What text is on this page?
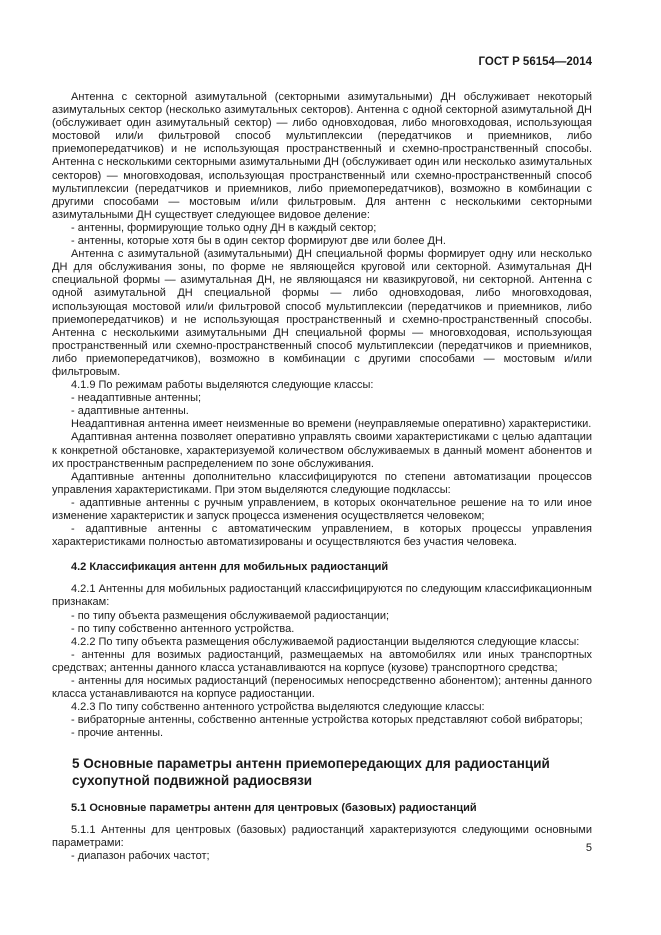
ГОСТ Р 56154—2014

Антенна с секторной азимутальной (секторными азимутальными) ДН обслуживает некоторый азимутальных сектор (несколько азимутальных секторов). Антенна с одной секторной азимутальной ДН (обслуживает один азимутальный сектор) — либо одновходовая, либо многовходовая, использующая мостовой или/и фильтровой способ мультиплексии (передатчиков и приемников, либо приемопередатчиков) и не использующая пространственный и схемно-пространственный способы. Антенна с несколькими секторными азимутальными ДН (обслуживает один или несколько азимутальных секторов) — многовходовая, использующая пространственный или схемно-пространственный способ мультиплексии (передатчиков и приемников, либо приемопередатчиков), возможно в комбинации с другими способами — мостовым и/или фильтровым. Для антенн с несколькими секторными азимутальными ДН существует следующее видовое деление:

- антенны, формирующие только одну ДН в каждый сектор;

- антенны, которые хотя бы в один сектор формируют две или более ДН.

Антенна с азимутальной (азимутальными) ДН специальной формы формирует одну или несколько ДН для обслуживания зоны, по форме не являющейся круговой или секторной. Азимутальная ДН специальной формы — азимутальная ДН, не являющаяся ни квазикруговой, ни секторной. Антенна с одной азимутальной ДН специальной формы — либо одновходовая, либо многовходовая, использующая мостовой или/и фильтровой способ мультиплексии (передатчиков и приемников, либо приемопередатчиков) и не использующая пространственный и схемно-пространственный способы. Антенна с несколькими азимутальными ДН специальной формы — многовходовая, использующая пространственный или схемно-пространственный способ мультиплексии (передатчиков и приемников, либо приемопередатчиков), возможно в комбинации с другими способами — мостовым и/или фильтровым.

4.1.9 По режимам работы выделяются следующие классы:

- неадаптивные антенны;

- адаптивные антенны.

Неадаптивная антенна имеет неизменные во времени (неуправляемые оперативно) характеристики.

Адаптивная антенна позволяет оперативно управлять своими характеристиками с целью адаптации к конкретной обстановке, характеризуемой количеством обслуживаемых в данный момент абонентов и их пространственным распределением по зоне обслуживания.

Адаптивные антенны дополнительно классифицируются по степени автоматизации процессов управления характеристиками. При этом выделяются следующие подклассы:

- адаптивные антенны с ручным управлением, в которых окончательное решение на то или иное изменение характеристик и запуск процесса изменения осуществляется человеком;

- адаптивные антенны с автоматическим управлением, в которых процессы управления характеристиками полностью автоматизированы и осуществляются без участия человека.

4.2 Классификация антенн для мобильных радиостанций

4.2.1 Антенны для мобильных радиостанций классифицируются по следующим классификационным признакам:

- по типу объекта размещения обслуживаемой радиостанции;

- по типу собственно антенного устройства.

4.2.2 По типу объекта размещения обслуживаемой радиостанции выделяются следующие классы:

- антенны для возимых радиостанций, размещаемых на автомобилях или иных транспортных средствах; антенны данного класса устанавливаются на корпусе (кузове) транспортного средства;

- антенны для носимых радиостанций (переносимых непосредственно абонентом); антенны данного класса устанавливаются на корпусе радиостанции.

4.2.3 По типу собственно антенного устройства выделяются следующие классы:

- вибраторные антенны, собственно антенные устройства которых представляют собой вибраторы;

- прочие антенны.

5 Основные параметры антенн приемопередающих для радиостанций сухопутной подвижной радиосвязи

5.1 Основные параметры антенн для центровых (базовых) радиостанций

5.1.1 Антенны для центровых (базовых) радиостанций характеризуются следующими основными параметрами:

- диапазон рабочих частот;

5
